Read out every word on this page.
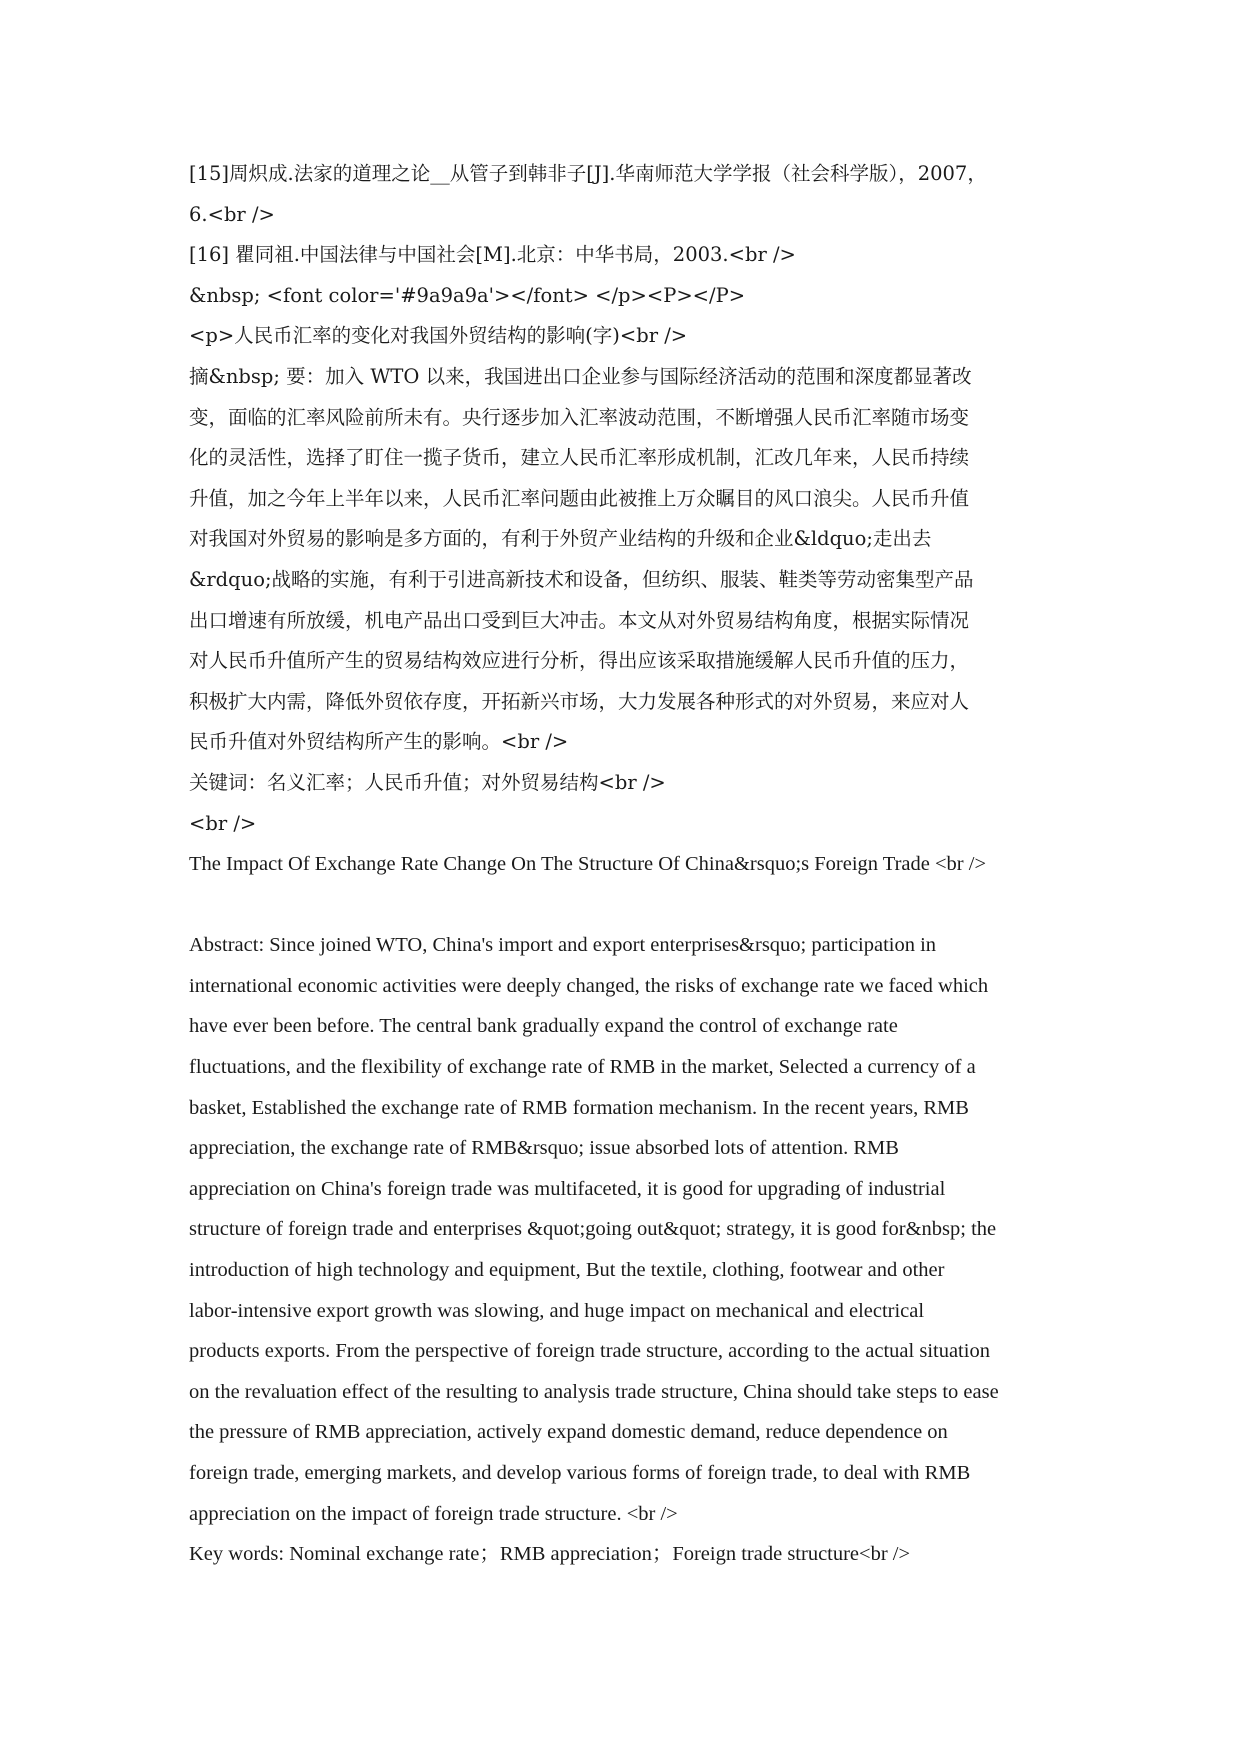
[15]周炽成.法家的道理之论__从管子到韩非子[J].华南师范大学学报（社会科学版），2007，
6.<br />
[16] 瞿同祖.中国法律与中国社会[M].北京：中华书局，2003.<br />
&nbsp; <font color='#9a9a9a'></font> </p><P></P>
<p>人民币汇率的变化对我国外贸结构的影响(字)<br />
摘&nbsp; 要：加入 WTO 以来，我国进出口企业参与国际经济活动的范围和深度都显著改
变，面临的汇率风险前所未有。央行逐步加入汇率波动范围，不断增强人民币汇率随市场变
化的灵活性，选择了盯住一揽子货币，建立人民币汇率形成机制，汇改几年来，人民币持续
升值，加之今年上半年以来，人民币汇率问题由此被推上万众瞩目的风口浪尖。人民币升值
对我国对外贸易的影响是多方面的，有利于外贸产业结构的升级和企业&ldquo;走出去
&rdquo;战略的实施，有利于引进高新技术和设备，但纺织、服装、鞋类等劳动密集型产品
出口增速有所放缓，机电产品出口受到巨大冲击。本文从对外贸易结构角度，根据实际情况
对人民币升值所产生的贸易结构效应进行分析，得出应该采取措施缓解人民币升值的压力，
积极扩大内需，降低外贸依存度，开拓新兴市场，大力发展各种形式的对外贸易，来应对人
民币升值对外贸结构所产生的影响。<br />
关键词：名义汇率；人民币升值；对外贸易结构<br />
<br />
The Impact Of Exchange Rate Change On The Structure Of China&rsquo;s Foreign Trade <br />
Abstract: Since joined WTO, China's import and export enterprises&rsquo; participation in
international economic activities were deeply changed, the risks of exchange rate we faced which
have ever been before. The central bank gradually expand the control of exchange rate
fluctuations, and the flexibility of exchange rate of RMB in the market, Selected a currency of a
basket, Established the exchange rate of RMB formation mechanism. In the recent years, RMB
appreciation, the exchange rate of RMB&rsquo; issue absorbed lots of attention. RMB
appreciation on China's foreign trade was multifaceted, it is good for upgrading of industrial
structure of foreign trade and enterprises &quot;going out&quot; strategy, it is good for&nbsp; the
introduction of high technology and equipment, But the textile, clothing, footwear and other
labor-intensive export growth was slowing, and huge impact on mechanical and electrical
products exports. From the perspective of foreign trade structure, according to the actual situation
on the revaluation effect of the resulting to analysis trade structure, China should take steps to ease
the pressure of RMB appreciation, actively expand domestic demand, reduce dependence on
foreign trade, emerging markets, and develop various forms of foreign trade, to deal with RMB
appreciation on the impact of foreign trade structure. <br />
Key words: Nominal exchange rate；RMB appreciation；Foreign trade structure<br />
